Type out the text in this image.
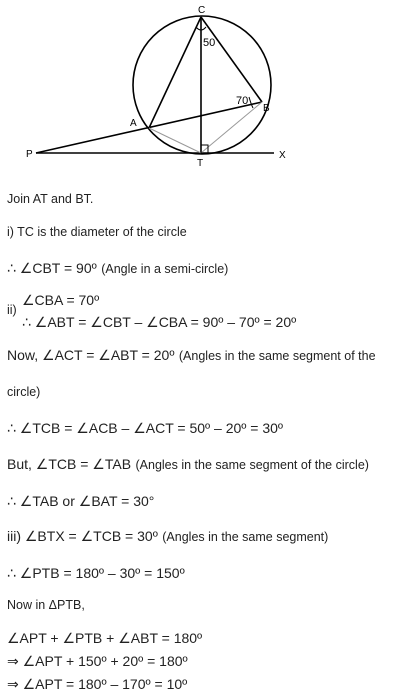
C
50
70
B
A
P
T
X
Join AT and BT.
i) TC is the diameter of the circle
∴ ∠CBT = 90º (Angle in a semi-circle)
ii)
∠CBA = 70º
∴ ∠ABT = ∠CBT – ∠CBA = 90º – 70º = 20º
Now, ∠ACT = ∠ABT = 20º (Angles in the same segment of the
circle)
∴ ∠TCB = ∠ACB – ∠ACT = 50º – 20º = 30º
But, ∠TCB = ∠TAB (Angles in the same segment of the circle)
∴ ∠TAB or ∠BAT = 30°
iii) ∠BTX = ∠TCB = 30º (Angles in the same segment)
∴ ∠PTB = 180º – 30º = 150º
Now in ΔPTB,
∠APT + ∠PTB + ∠ABT = 180º
⇒ ∠APT + 150º + 20º = 180º
⇒ ∠APT = 180º – 170º = 10º
